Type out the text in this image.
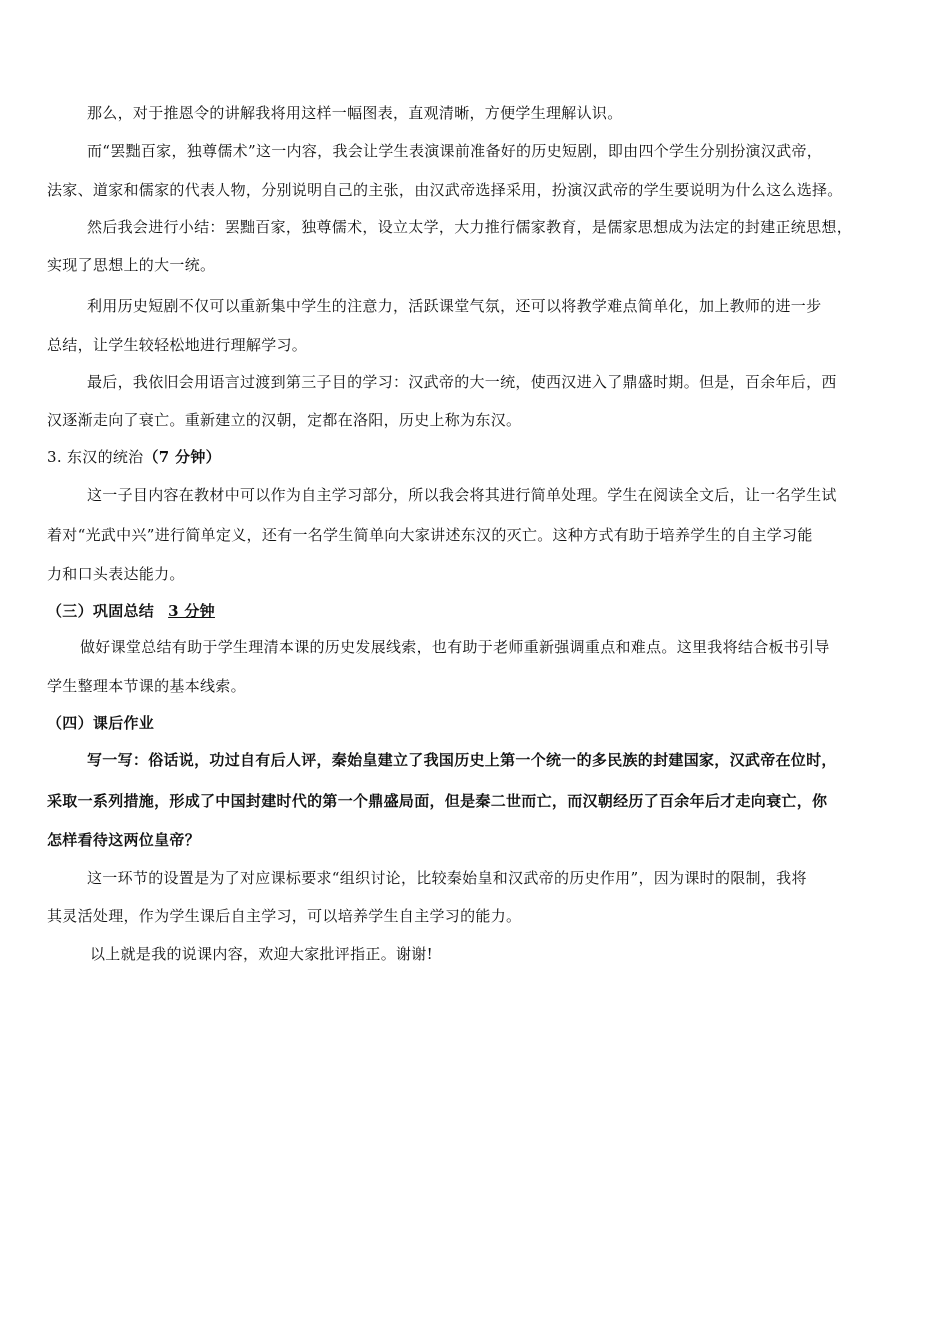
那么，对于推恩令的讲解我将用这样一幅图表，直观清晰，方便学生理解认识。
而“罢黜百家，独尊儒术”这一内容，我会让学生表演课前准备好的历史短剧，即由四个学生分别扮演汉武帝，
法家、道家和儒家的代表人物，分别说明自己的主张，由汉武帝选择采用，扮演汉武帝的学生要说明为什么这么选择。
然后我会进行小结：罢黜百家，独尊儒术，设立太学，大力推行儒家教育，是儒家思想成为法定的封建正统思想，
实现了思想上的大一统。
利用历史短剧不仅可以重新集中学生的注意力，活跃课堂气氛，还可以将教学难点简单化，加上教师的进一步
总结，让学生较轻松地进行理解学习。
最后，我依旧会用语言过渡到第三子目的学习：汉武帝的大一统，使西汉进入了鼎盛时期。但是，百余年后，西
汉逐渐走向了衰亡。重新建立的汉朝，定都在洛阳，历史上称为东汉。
3. 东汉的统治（7 分钟）
这一子目内容在教材中可以作为自主学习部分，所以我会将其进行简单处理。学生在阅读全文后，让一名学生试
着对“光武中兴”进行简单定义，还有一名学生简单向大家讲述东汉的灭亡。这种方式有助于培养学生的自主学习能
力和口头表达能力。
（三）巩固总结 3 分钟
做好课堂总结有助于学生理清本课的历史发展线索，也有助于老师重新强调重点和难点。这里我将结合板书引导
学生整理本节课的基本线索。
（四）课后作业
写一写：俗话说，功过自有后人评，秦始皇建立了我国历史上第一个统一的多民族的封建国家，汉武帝在位时，
采取一系列措施，形成了中国封建时代的第一个鼎盛局面，但是秦二世而亡，而汉朝经历了百余年后才走向衰亡，你
怎样看待这两位皇帝？
这一环节的设置是为了对应课标要求“组织讨论，比较秦始皇和汉武帝的历史作用”，因为课时的限制，我将
其灵活处理，作为学生课后自主学习，可以培养学生自主学习的能力。
以上就是我的说课内容，欢迎大家批评指正。谢谢!
